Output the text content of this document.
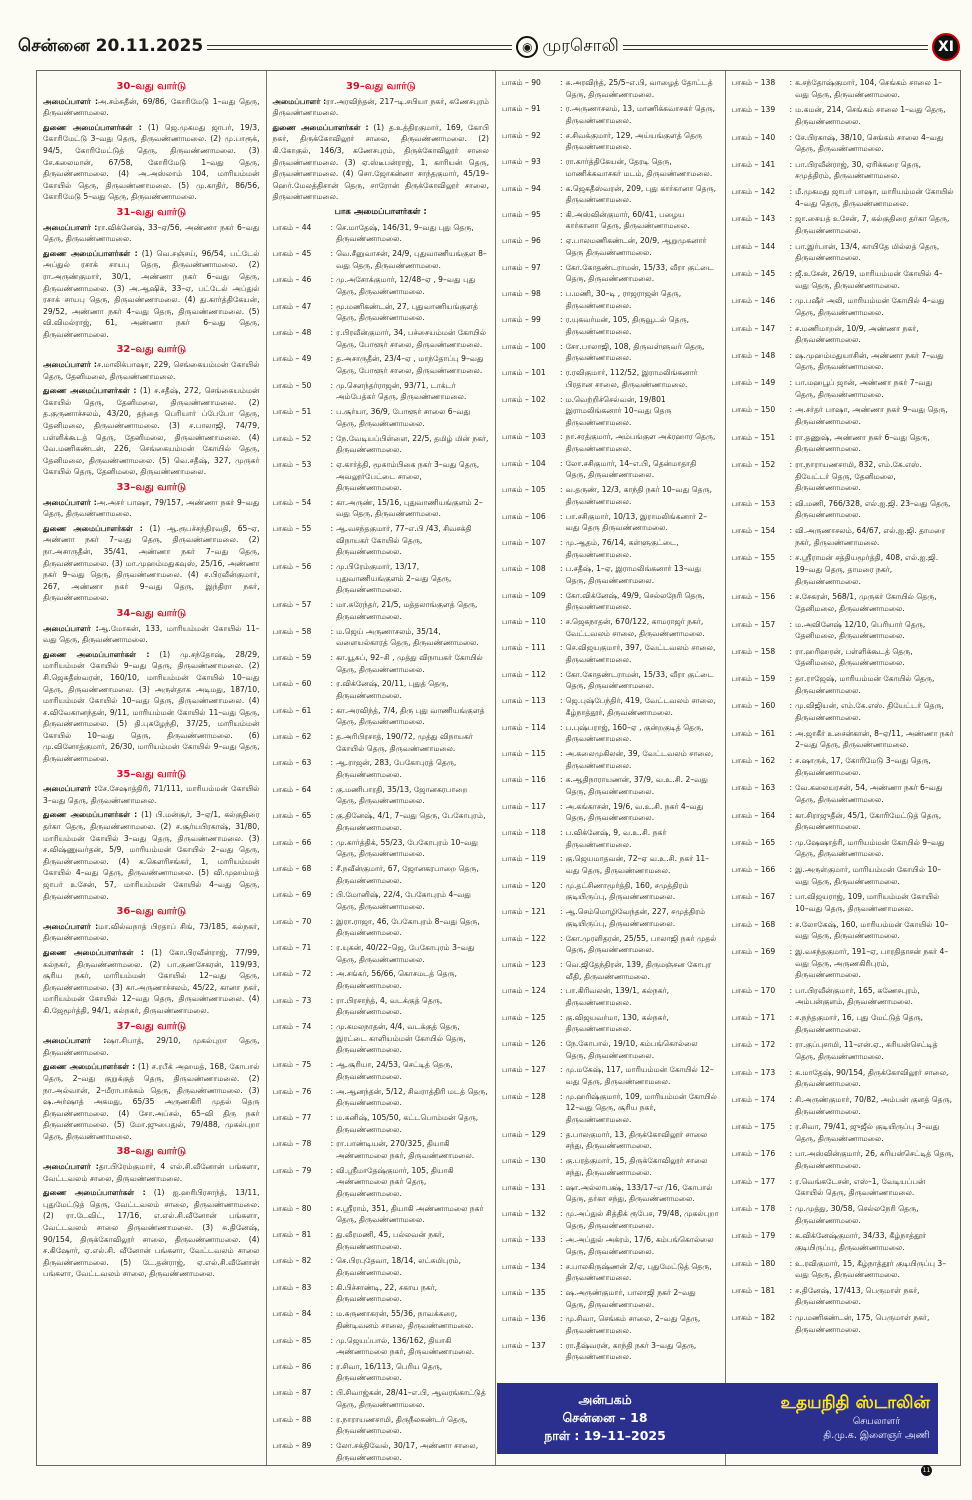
சென்னை 20.11.2025	◉ முரசொலி	XI
30–வது வார்டு

அமைப்பாளர் :அ.சம்சுதீன், 69/86, கோரிமேடு 1–வது தெரு, திருவண்ணாமலை.

துணை அமைப்பாளர்கள் : (1) ஜெ.முகமது ஜாபர், 19/3, கோரிமேட்டு 3–வது தெரு, திருவண்ணாமலை. (2) மு.பாரூக், 94/5, கோரிமேட்டுத் தெரு, திருவண்ணாமலை. (3) சே.கலைமான், 67/58, கோரிமேடு 1–வது தெரு, திருவண்ணாமலை. (4) அ.அஸ்லாம் 104, மாரியம்மன் கோயில் தெரு, திருவண்ணாமலை. (5) மு.காதிர், 86/56, கோரிமேடு 5–வது தெரு, திருவண்ணாமலை.

31–வது வார்டு

அமைப்பாளர் :ரா.விக்னேஷ், 33–ஏ/56, அண்ணா நகர் 6–வது தெரு, திருவண்ணாமலை.

துணை அமைப்பாளர்கள் : (1) வெ.சஞ்சய், 96/54, பட்டேல் அப்துல் ரசாக் சாயபு தெரு, திருவண்ணாமலை. (2) ரா.அருண்குமார், 30/1, அண்ணா நகர் 6–வது தெரு, திருவண்ணாமலை. (3) அ.ஆஷிக், 33–ஏ, பட்டேல் அப்துல் ரசாக் சாயபு தெரு, திருவண்ணாமலை. (4) து.கார்த்திகேயன், 29/52, அண்ணா நகர் 4–வது தெரு, திருவண்ணாமலை. (5) வி.விமல்ராஜ், 61, அண்ணா நகர் 6–வது தெரு, திருவண்ணாமலை.

32–வது வார்டு

அமைப்பாளர் :ச.மாலிக்பாஷா, 229, செங்கையம்மன் கோயில் தெரு, தேனிமலை, திருவண்ணாமலை.

துணை அமைப்பாளர்கள் : (1) ச.சதீஷ், 272, செங்கையம்மன் கோயில் தெரு, தேனிமலை, திருவண்ணாமலை. (2) த.குருணாச்சலம், 43/20, தந்தை பெரியார் ப்பேபோ தெரு, தேனிமலை, திருவண்ணாமலை. (3) ச.பாலாஜி, 74/79, பள்ளிக்கூடத் தெரு, தேனிமலை, திருவண்ணாமலை. (4) வே.மணிகண்டன், 226, செங்கையம்மன் கோயில் தெரு, தேனிமலை, திருவண்ணாமலை. (5) வெ.சதீஷ், 327, முருகர் கோயில் தெரு, தேனிமலை, திருவண்ணாமலை.

33–வது வார்டு

அமைப்பாளர் :அ.அசர் பாஷா, 79/157, அண்ணா நகர் 9–வது தெரு, திருவண்ணாமலை.

துணை அமைப்பாளர்கள் : (1) ஆ.ரூபச்சந்திரவதி, 65–ஏ, அண்ணா நகர் 7–வது தெரு, திருவண்ணாமலை. (2) நா.அசாருதீன், 35/41, அண்ணா நகர் 7–வது தெரு, திருவண்ணாமலை. (3) மா.முஹம்மதுகவுஸ், 25/16, அண்ணா நகர் 9–வது தெரு, திருவண்ணாமலை. (4) ச.பிரவீன்குமார், 267, அண்ணா நகர் 9–வது தெரு, இந்திரா நகர், திருவண்ணாமலை.

34–வது வார்டு

அமைப்பாளர் :ஆ.மோகன், 133, மாரியம்மன் கோயில் 11–வது தெரு, திருவண்ணாமலை.

துணை அமைப்பாளர்கள் : (1) மு.சந்தோஷ், 28/29, மாரியம்மன் கோயில் 9–வது தெரு, திருவண்ணாமலை. (2) சி.ஜெகதீஸ்வரன், 160/10, மாரியம்மன் கோயில் 10–வது தெரு, திருவண்ணாமலை. (3) அருள்தாக அடிமது, 187/10, மாரியம்மன் கோயில் 10–வது தெரு, திருவண்ணாமலை. (4) ச.விவேகானந்தன், 9/11, மாரியம்மன் கோயில் 11–வது தெரு, திருவண்ணாமலை. (5) தி.புகழேந்தி, 37/25, மாரியம்மன் கோயில் 10–வது தெரு, திருவண்ணாமலை. (6) மு.வினோத்குமார், 26/30, மாரியம்மன் கோயில் 9–வது தெரு, திருவண்ணாமலை.

35–வது வார்டு

அமைப்பாளர் :சே.சேஷாத்திரி, 71/111, மாரியம்மன் கோயில் 3–வது தெரு, திருவண்ணாமலை.

துணை அமைப்பாளர்கள் : (1) பி.மன்சூர், 3–ஏ/1, கல்குதிரை தர்கா தெரு, திருவண்ணாமலை. (2) ச.சூர்யபிரகாஷ், 31/80, மாரியம்மன் கோயில் 3–வது தெரு, திருவண்ணாமலை. (3) ச.விஷ்ணுவர்தன், 5/9, மாரியம்மன் கோயில் 2–வது தெரு, திருவண்ணாமலை. (4) க.கௌரிசங்கர், 1, மாரியம்மன் கோயில் 4–வது தெரு, திருவண்ணாமலை. (5) வி.முஹம்மத் ஜாபர் உசேன், 57, மாரியம்மன் கோயில் 4–வது தெரு, திருவண்ணாமலை.

36–வது வார்டு

அமைப்பாளர் :மா.வில்வநாத் பிரதாப் சிங், 73/185, கல்நகர், திருவண்ணாமலை.

துணை அமைப்பாளர்கள் : (1) கோ.பிரவீன்ராஜ், 77/99, கல்நகர், திருவண்ணாமலை. (2) பா.குணசேகரன், 119/93, சூரிய நகர், மாரியம்மன் கோயில் 12–வது தெரு, திருவண்ணாமலை. (3) கா.அருணாச்சலம், 45/22, கானா நகர், மாரியம்மன் கோயில் 12–வது தெரு, திருவண்ணாமலை. (4) கி.ஜேமூர்த்தி, 94/1, கல்நகர், திருவண்ணாமலை.

37–வது வார்டு

அமைப்பாளர் :ஷா.சிபாத், 29/10, முகல்புறா தெரு, திருவண்ணாமலை.

துணை அமைப்பாளர்கள் : (1) ச.ரபீக் அஹமத், 168, கோபால் தெரு, 2–வது குறுக்குத் தெரு, திருவண்ணாமலை. (2) நா.அல்வான், 2–மீராபாக்கம் தெரு, திருவண்ணாமலை. (3) ஷ.அர்ஷாத் அகமது, 65/35 அருணகிரி முதல் தெரு திருவண்ணாமலை. (4) சோ.அப்சல், 65–வி திரு நகர் திருவண்ணாமலை. (5) மோ.ஜுபைதுல், 79/488, முகல்புறா தெரு, திருவண்ணாமலை.

38–வது வார்டு

அமைப்பாளர் :தா.பிரேம்குமார், 4 எல்.சி.வீனோன் பங்களா, வேட்டவலம் சாலை, திருவண்ணாமலை.

துணை அமைப்பாளர்கள் : (1) ஐ.ஹரிபிரசாந்த், 13/11, புதுமேட்டுத் தெரு, வேட்டவலம் சாலை, திருவண்ணாமலை. (2) ரா.டேவிட், 17/16, எ.எல்.சி.வீனோன் பங்களா, வேட்டவலம் சாலை திருவண்ணாமலை. (3) சு.தினேஷ், 90/154, திருக்கோவிலூர் சாலை, திருவண்ணாமலை. (4) ச.கிஷோர், ஏ.எல்.சி. வீனோன் பங்களா, வேட்டவலம் சாலை திருவண்ணாமலை. (5) டே.தன்ராஜ், ஏ.எல்.சி.வீனோன் பங்களா, வேட்டவலம் சாலை, திருவண்ணாமலை.

39–வது வார்டு

அமைப்பாளர் :ரா.அரவிந்தன், 217–டி.சபியா நகர், கணேசபுரம் திருவண்ணாமலை.

துணை அமைப்பாளர்கள் : (1) த.உத்திரகுமார், 169, கோபி நகர், திருக்கோவிலூர் சாலை, திருவண்ணாமலை. (2) கி.கோகுல், 146/3, கணேசபுரம், திருக்கோவிலூர் சாலை திருவண்ணாமலை. (3) ஏ.ஸ்டீபன்ராஜ், 1, காரியன் தெரு, திருவண்ணாமலை. (4) சொ.ஜோகன்னா சாந்தகுமார், 45/19–ஹெர்.மேலத்திசான் தெரு, சாரோன் திருக்கோவிலூர் சாலை, திருவண்ணாமலை.

பாக அமைப்பாளர்கள் :
பாகம் – 44	: செ.மாதேஷ், 146/31, 9–வது புது தெரு, திருவண்ணாமலை.
பாகம் – 45	: வெ.சீனுவாசன், 24/9, புதுவாணியங்குள 8–வது தெரு, திருவண்ணாமலை.
பாகம் – 46	: மு.அசோக்குமார், 12/48–ஏ , 9–வது புது தெரு, திருவண்ணாமலை.
பாகம் – 47	: மூ.மணிகண்டன், 27, புதுவாணியங்குளத் தெரு, திருவண்ணாமலை.
பாகம் – 48	: ர.பிரவீன்குமார், 34, பச்சையம்மன் கோயில் தெரு, போளூர் சாலை, திருவண்ணாமலை.
பாகம் – 49	: த.அசாருதீன், 23/4–ஏ , மாந்தோப்பு 9–வது தெரு, போளூர் சாலை, திருவண்ணாமலை.
பாகம் – 50	: மு.சௌந்தர்ராஜன், 93/71, டாக்டர் அம்பேத்கர் தெரு, திருவண்ணாமலை.
பாகம் – 51	: ப.சூர்யா, 36/9, போளூர் சாலை 6–வது தெரு, திருவண்ணாமலை.
பாகம் – 52	: நே.வேடியப்பிள்ளை, 22/5, தமிழ் மின் நகர், திருவண்ணாமலை.
பாகம் – 53	: ஏ.கார்த்தி, மூகாம்பிகை நகர் 3–வது தெரு, அவலூர்பேட்டை சாலை, திருவண்ணாமலை.
பாகம் – 54	: கா.அருண், 15/16, புதுவாணியங்குளம் 2–வது தெரு, திருவண்ணாமலை.
பாகம் – 55	: ஆ.வசந்தகுமார், 77–எ.பி /43, சிவசக்தி விநாயகர் கோயில் தெரு, திருவண்ணாமலை.
பாகம் – 56	: மு.பிரேம்குமார், 13/17, புதுவாணியங்குளம் 2–வது தெரு, திருவண்ணாமலை.
பாகம் – 57	: மா.சுரேந்தர், 21/5, மத்தலாங்குளத் தெரு, திருவண்ணாமலை.
பாகம் – 58	: ம.ஜெய் அருணாசலம், 35/14, வளையல்காரத் தெரு, திருவண்ணாமலை.
பாகம் – 59	: கா.யூசுப், 92–சி , முத்து விநாயகர் கோயில் தெரு, திருவண்ணாமலை.
பாகம் – 60	: ர.விக்னேஷ், 20/11, புதுத் தெரு, திருவண்ணாமலை.
பாகம் – 61	: கா.அரவிந்த், 7/4, திரு புது வாணியங்குளத் தெரு, திருவண்ணாமலை.
பாகம் – 62	: த.அரிபிரசாத், 190/72, முத்து விநாயகர் கோயில் தெரு, திருவண்ணாமலை.
பாகம் – 63	: ஆ.ராஜன், 283, பேகோபுரத் தெரு, திருவண்ணாமலை.
பாகம் – 64	: கு.மணிபாரதி, 35/13, ஜோனகரபாறை தெரு, திருவண்ணாமலை.
பாகம் – 65	: கு.தினேஷ், 4/1, 7–வது தெரு, பேகோபுரம், திருவண்ணாமலை.
பாகம் – 66	: மு.கார்த்திக், 55/23, பேகோபுரம் 10–வது தெரு, திருவண்ணாமலை.
பாகம் – 68	: சீ.நவீன்குமார், 67, ஜோனகரபாறை தெரு, திருவண்ணாமலை.
பாகம் – 69	: பி.மோனிஷ், 22/4, பேகோபுரம் 4–வது தெரு, திருவண்ணாமலை.
பாகம் – 70	: இரா.ராஜா, 46, பேகோபுரம் 8–வது தெரு, திருவண்ணாமலை.
பாகம் – 71	: ர.யுகன், 40/22–ஜெ, பேகோபுரம் 3–வது தெரு, திருவண்ணாமலை.
பாகம் – 72	: அ.சங்கர், 56/66, கொசமடத் தெரு, திருவண்ணாமலை.
பாகம் – 73	: ரா.பிரசாந்த், 4, வடக்குத் தெரு, திருவண்ணாமலை.
பாகம் – 74	: மு.கமலநாதன், 4/4, வடக்குத் தெரு, இரட்டை காளியம்மன் கோயில் தெரு, திருவண்ணாமலை.
பாகம் – 75	: ஆ.சூரியா, 24/53, செட்டித் தெரு, திருவண்ணாமலை.
பாகம் – 76	: அ.ஆனந்தன், 5/12, சிவராத்திரி மடத் தெரு, திருவண்ணாமலை.
பாகம் – 77	: ம.கனிஷ், 105/50, கட்டபொம்மன் தெரு, திருவண்ணாமலை.
பாகம் – 78	: ரா.பாண்டியன், 270/325, தியாகி அண்ணாமலை நகர், திருவண்ணாமலை.
பாகம் – 79	: வி.ஸ்ரீமாதேஷ்குமார், 105, தியாகி அண்ணாமலை நகர் தெரு, திருவண்ணாமலை.
பாகம் – 80	: ச.ஸ்ரீராம், 351, தியாகி அண்ணாமலை நகர் தெரு, திருவண்ணாமலை.
பாகம் – 81	: து.வீரமணி, 45, பல்லவன் நகர், திருவண்ணாமலை.
பாகம் – 82	: செ.பிரபுதேவா, 18/14, லட்சுமிபுரம், திருவண்ணாமலை.
பாகம் – 83	: கி.பிச்சாண்டி, 22, சகாய நகர், திருவண்ணாமலை.
பாகம் – 84	: ம.கருணாகரன், 55/36, நாவக்கரை, திண்டிவனம் சாலை, திருவண்ணாமலை.
பாகம் – 85	: மு.ஜெயப்பால், 136/162, தியாகி அண்ணாமலை நகர், திருவண்ணாமலை.
பாகம் – 86	: ர.சிவா, 16/113, பெரிய தெரு, திருவண்ணாமலை.
பாகம் – 87	: பி.சிவாஜ்கன், 28/41–எ.பி, ஆவரங்காட்டுத் தெரு, திருவண்ணாமலை.
பாகம் – 88	: ர.நாராயணசாமி, திருநீலகண்டர் தெரு, திருவண்ணாமலை.
பாகம் – 89	: லோ.சக்திவேல், 30/17, அண்ணா சாலை, திருவண்ணாமலை.
பாகம் – 90	: சு.அரவிந்த், 25/5–எ.பி, வாழைத் தோட்டத் தெரு, திருவண்ணாமலை.
பாகம் – 91	: ர.அருணாசலம், 13, மாணிக்கவாசகர் தெரு, திருவண்ணாமலை.
பாகம் – 92	: ச.சிவக்குமார், 129, அய்யங்குளத் தெரு திருவண்ணாமலை.
பாகம் – 93	: ரா.கார்த்திகேயன், தேரடி தெரு, மாணிக்கவாசகர் மடம், திருவண்ணாமலை.
பாகம் – 94	: க.ஜெகதீஸ்வரன், 209, புது கார்கானா தெரு, திருவண்ணாமலை.
பாகம் – 95	: கி.அஸ்வின்குமார், 60/41, பழைய கார்கானா தெரு, திருவண்ணாமலை.
பாகம் – 96	: ஏ.பாலமணிகண்டன், 20/9, ஆறுமுகனார் தெரு திருவண்ணாமலை.
பாகம் – 97	: கோ.கோதண்டராமன், 15/33, வீரா குட்டை தெரு, திருவண்ணாமலை.
பாகம் – 98	: ப.மணி, 30–டி , ராஜராஜன் தெரு, திருவண்ணாமலை.
பாகம் – 99	: ர.யுகவர்மன், 105, திருவூடல் தெரு, திருவண்ணாமலை.
பாகம் – 100	: சோ.பாலாஜி, 108, திருவள்ளுவர் தெரு, திருவண்ணாமலை.
பாகம் – 101	: ர.ரவிகுமார், 112/52, இராமலிங்கனார் பிரதான சாலை, திருவண்ணாமலை.
பாகம் – 102	: ம.வெற்றிச்செல்வன், 19/801 இராமலிங்கனார் 10–வது தெரு திருவண்ணாமலை.
பாகம் – 103	: நா.சரத்குமார், அம்பங்குள அக்ரஹார தெரு, திருவண்ணாமலை.
பாகம் – 104	: லோ.சசிகுமார், 14–எ.பி, தென்மாதாதி தெரு, திருவண்ணாமலை.
பாகம் – 105	: வ.தருண், 12/3, காந்தி நகர் 10–வது தெரு, திருவண்ணாமலை.
பாகம் – 106	: பா.சசிகுமார், 10/13, இராமலிங்கனார் 2–வது தெரு திருவண்ணாமலை.
பாகம் – 107	: மு.ஆதம், 76/14, கள்ளுகுட்டை, திருவண்ணாமலை.
பாகம் – 108	: ப.சதீஷ், 1–ஏ, இராமலிங்கனார் 13–வது தெரு, திருவண்ணாமலை.
பாகம் – 109	: கோ.விக்னேஷ், 49/9, செல்லநேரி தெரு, திருவண்ணாமலை.
பாகம் – 110	: ச.ஜெகநாதன், 670/122, காமராஜர் நகர், வேட்டவலம் சாலை, திருவண்ணாமலை.
பாகம் – 111	: செ.விஜயகுமார், 397, வேட்டவலம் சாலை, திருவண்ணாமலை.
பாகம் – 112	: கோ.கோதண்டராமன், 15/33, வீரா குட்டை தெரு, திருவண்ணாமலை.
பாகம் – 113	: ஜெ.புஷ்பேந்திர், 419, வேட்டவலம் சாலை, கீழ்நாத்தூர், திருவண்ணாமலை.
பாகம் – 114	: ப.புஷ்பராஜ், 160–ஏ , குன்றகுடித் தெரு, திருவண்ணாமலை.
பாகம் – 115	: அ.கலைமுகிலன், 39, வேட்டவலம் சாலை, திருவண்ணாமலை.
பாகம் – 116	: சு.ஆதிநாராயணன், 37/9, வ.உ.சி. 2–வது தெரு, திருவண்ணாமலை.
பாகம் – 117	: அ.கங்காசன், 19/6, வ.உ.சி. நகர் 4–வது தெரு, திருவண்ணாமலை.
பாகம் – 118	: ப.விக்னேஷ், 9, வ.உ.சி. நகர் திருவண்ணாமலை.
பாகம் – 119	: கு.ஜெயமாதவன், 72–ஏ வ.உ.சி. நகர் 11–வது தெரு, திருவண்ணாமலை.
பாகம் – 120	: மு.தட்சிணாமூர்த்தி, 160, சமுத்திரம் குடியிருப்பு, திருவண்ணாமலை.
பாகம் – 121	: ஆ.செம்மொழிவேந்தன், 227, சமுத்திரம் குடியிருப்பு, திருவண்ணாமலை.
பாகம் – 122	: கோ.முரளிதரன், 25/55, பாலாஜி நகர் முதல் தெரு, திருவண்ணாமலை.
பாகம் – 123	: வெ.ஜிதேந்திரன், 139, திருமஞ்சன கோபுர வீதி, திருவண்ணாமலை.
பாகம் – 124	: பா.கிரிவலன், 139/1, கல்நகர், திருவண்ணாமலை.
பாகம் – 125	: கு.விஜயவர்மா, 130, கல்நகர், திருவண்ணாமலை.
பாகம் – 126	: நே.கோபால், 19/10, கம்பங்கொல்லை தெரு, திருவண்ணாமலை.
பாகம் – 127	: மு.மகேஷ், 117, மாரியம்மன் கோயில் 12–வது தெரு, திருவண்ணாமலை.
பாகம் – 128	: மு.ஹரிஷ்குமார், 109, மாரியம்மன் கோயில் 12–வது தெரு, சூரிய நகர், திருவண்ணாமலை.
பாகம் – 129	: த.பாலகுமார், 13, திருக்கோவிலூர் சாலை சந்து, திருவண்ணாமலை.
பாகம் – 130	: கு.பரத்குமார், 15, திருக்கோவிலூர் சாலை சந்து, திருவண்ணாமலை.
பாகம் – 131	: ஷா.அல்லாபக்ஷ், 133/17–எ /16, கோபால் தெரு, தர்கா சந்து, திருவண்ணாமலை.
பாகம் – 132	: மு.அப்துல் சித்திக் ரூபேச, 79/48, முகல்புறா தெரு, திருவண்ணாமலை.
பாகம் – 133	: அ.அப்துல் அக்ரம், 17/6, கம்பங்கொல்லை தெரு, திருவண்ணாமலை.
பாகம் – 134	: ச.பாலகிருஷ்ணன் 2/ஏ, புதுமேட்டுத் தெரு, திருவண்ணாமலை.
பாகம் – 135	: ஷ.அருண்குமார், பாலாஜி நகர் 2–வது தெரு, திருவண்ணாமலை.
பாகம் – 136	: மு.சிவா, செங்கம் சாலை, 2–வது தெரு, திருவண்ணாமலை.
பாகம் – 137	: ரா.தீஷ்வரன், காந்தி நகர் 3–வது தெரு, திருவண்ணாமலை.
பாகம் – 138	: க.சந்தோஷ்குமார், 104, செங்கம் சாலை 1–வது தெரு, திருவண்ணாமலை.
பாகம் – 139	: ம.கமன், 214, செங்கம் சாலை 1–வது தெரு, திருவண்ணாமலை.
பாகம் – 140	: சே.பிரகாஷ், 38/10, செங்கம் சாலை 4–வது தெரு, திருவண்ணாமலை.
பாகம் – 141	: பா.பிரவீன்ராஜ், 30, ஏரிக்கரை தெரு, சமுத்திரம், திருவண்ணாமலை.
பாகம் – 142	: மீ.முகமது ஜாபர் பாஷா, மாரியம்மன் கோயில் 4–வது தெரு, திருவண்ணாமலை.
பாகம் – 143	: ஜா.சையத் உசேன், 7, கல்குதிரை தர்கா தெரு, திருவண்ணாமலை.
பாகம் – 144	: பா.இர்பான், 13/4, காயிதே மில்லத் தெரு, திருவண்ணாமலை.
பாகம் – 145	: ஜீ.உசேன், 26/19, மாரியம்மன் கோயில் 4–வது தெரு, திருவண்ணாமலை.
பாகம் – 146	: மு.பஷீர் அலி, மாரியம்மன் கோயில் 4–வது தெரு, திருவண்ணாமலை.
பாகம் – 147	: ச.மணிமாறன், 10/9, அண்ணா நகர், திருவண்ணாமலை.
பாகம் – 148	: ஷ.முஹம்மதுயாசின், அண்ணா நகர் 7–வது தெரு, திருவண்ணாமலை.
பாகம் – 149	: பா.மஹபூப் ஜான், அண்ணா நகர் 7–வது தெரு, திருவண்ணாமலை.
பாகம் – 150	: அ.சர்தர் பாஷா, அண்ணா நகர் 9–வது தெரு, திருவண்ணாமலை.
பாகம் – 151	: ரா.தணுஷ், அண்ணா நகர் 6–வது தெரு, திருவண்ணாமலை.
பாகம் – 152	: ரா.நாராயணசாமி, 832, எம்.கே.எஸ். தியேட்டர் தெரு, தேனிமலை, திருவண்ணாமலை.
பாகம் – 153	: வி.மணி, 766/328, எல்.ஐ.ஜி. 23–வது தெரு, திருவண்ணாமலை.
பாகம் – 154	: வி.அருணாசலம், 64/67, எல்.ஐ.ஜி. தாமரை நகர், திருவண்ணாமலை.
பாகம் – 155	: ச.ஸ்ரீராமன் சத்தியமூர்த்தி, 408, எல்.ஐ.ஜி. 19–வது தெரு, தாமரை நகர், திருவண்ணாமலை.
பாகம் – 156	: ச.சேகரன், 568/1, முருகர் கோயில் தெரு, தேனிமலை, திருவண்ணாமலை.
பாகம் – 157	: ம.அவினேஷ் 12/10, பெரியார் தெரு, தேனிமலை, திருவண்ணாமலை.
பாகம் – 158	: ரா.ஹரிஹரன், பள்ளிக்கூடத் தெரு, தேனிமலை, திருவண்ணாமலை.
பாகம் – 159	: தா.ராஜேஷ், மாரியம்மன் கோயில் தெரு, திருவண்ணாமலை.
பாகம் – 160	: மு.விஜியன், எம்.கே.எஸ். தியேட்டர் தெரு, திருவண்ணாமலை.
பாகம் – 161	: அ.ஜாகீர் உசைன்கான், 8–ஏ/11, அண்ணா நகர் 2–வது தெரு, திருவண்ணாமலை.
பாகம் – 162	: ச.ஷாருக், 17, கோரிமேடு 3–வது தெரு, திருவண்ணாமலை.
பாகம் – 163	: வே.கலையரசன், 54, அண்ணா நகர் 6–வது தெரு, திருவண்ணாமலை.
பாகம் – 164	: கா.சிராஜுதீன், 45/1, கோரிமேட்டுத் தெரு, திருவண்ணாமலை.
பாகம் – 165	: மு.ஷேஷாத்ரி, மாரியம்மன் கோயில் 9–வது தெரு, திருவண்ணாமலை.
பாகம் – 166	: இ.அருள்குமார், மாரியம்மன் கோயில் 10–வது தெரு, திருவண்ணாமலை.
பாகம் – 167	: பா.விஜயராஜ், 109, மாரியம்மன் கோயில் 10–வது தெரு, திருவண்ணாமலை.
பாகம் – 168	: ச.லோகேஷ், 160, மாரியம்மன் கோயில் 10–வது தெரு, திருவண்ணாமலை.
பாகம் – 169	: இ.வசந்தகுமார், 191–ஏ, பாரதிதாசன் நகர் 4–வது தெரு, அருணகிரிபுரம், திருவண்ணாமலை.
பாகம் – 170	: பா.பிரவீன்குமார், 165, கணேசபுரம், அம்பன்குளம், திருவண்ணாமலை.
பாகம் – 171	: ச.நந்தகுமார், 16, புது மேட்டுத் தெரு, திருவண்ணாமலை.
பாகம் – 172	: ரா.குப்புசாமி, 11–என்.ஏ., சுரியன்செட்டித் தெரு, திருவண்ணாமலை.
பாகம் – 173	: சு.மாதேஷ், 90/154, திருக்கோவிலூர் சாலை, திருவண்ணாமலை.
பாகம் – 174	: சி.அருண்குமார், 70/82, அம்பன் குளத் தெரு, திருவண்ணாமலை.
பாகம் – 175	: ர.சிவா, 79/41, ஜுஜீல் குடியிருப்பு 3–வது தெரு, திருவண்ணாமலை.
பாகம் – 176	: பா.அஸ்வின்குமார், 26, சுரியன்செட்டித் தெரு, திருவண்ணாமலை.
பாகம் – 177	: ர.வெங்கடேசன், எஸ்–1, வேடியப்பன் கோயில் தெரு, திருவண்ணாமலை.
பாகம் – 178	: மு.முத்து, 30/58, செல்லநேரி தெரு, திருவண்ணாமலை.
பாகம் – 179	: க.விக்னேஷ்குமார், 34/33, கீழ்நாத்தூர் குடியிருப்பு, திருவண்ணாமலை.
பாகம் – 180	: உ.ரவிகுமார், 15, கீழ்நாத்தூர் குடியிருப்பு 3–வது தெரு, திருவண்ணாமலை.
பாகம் – 181	: ச.தினேஷ், 17/413, பெருமாள் நகர், திருவண்ணாமலை.
பாகம் – 182	: மு.மணிகண்டன், 175, பெருமாள் நகர், திருவண்ணாமலை.
அன்பகம்
சென்னை – 18
நாள் : 19–11–2025
உதயநிதி ஸ்டாலின்
செயலாளர்
தி.மு.க. இளைஞர் அணி
11
